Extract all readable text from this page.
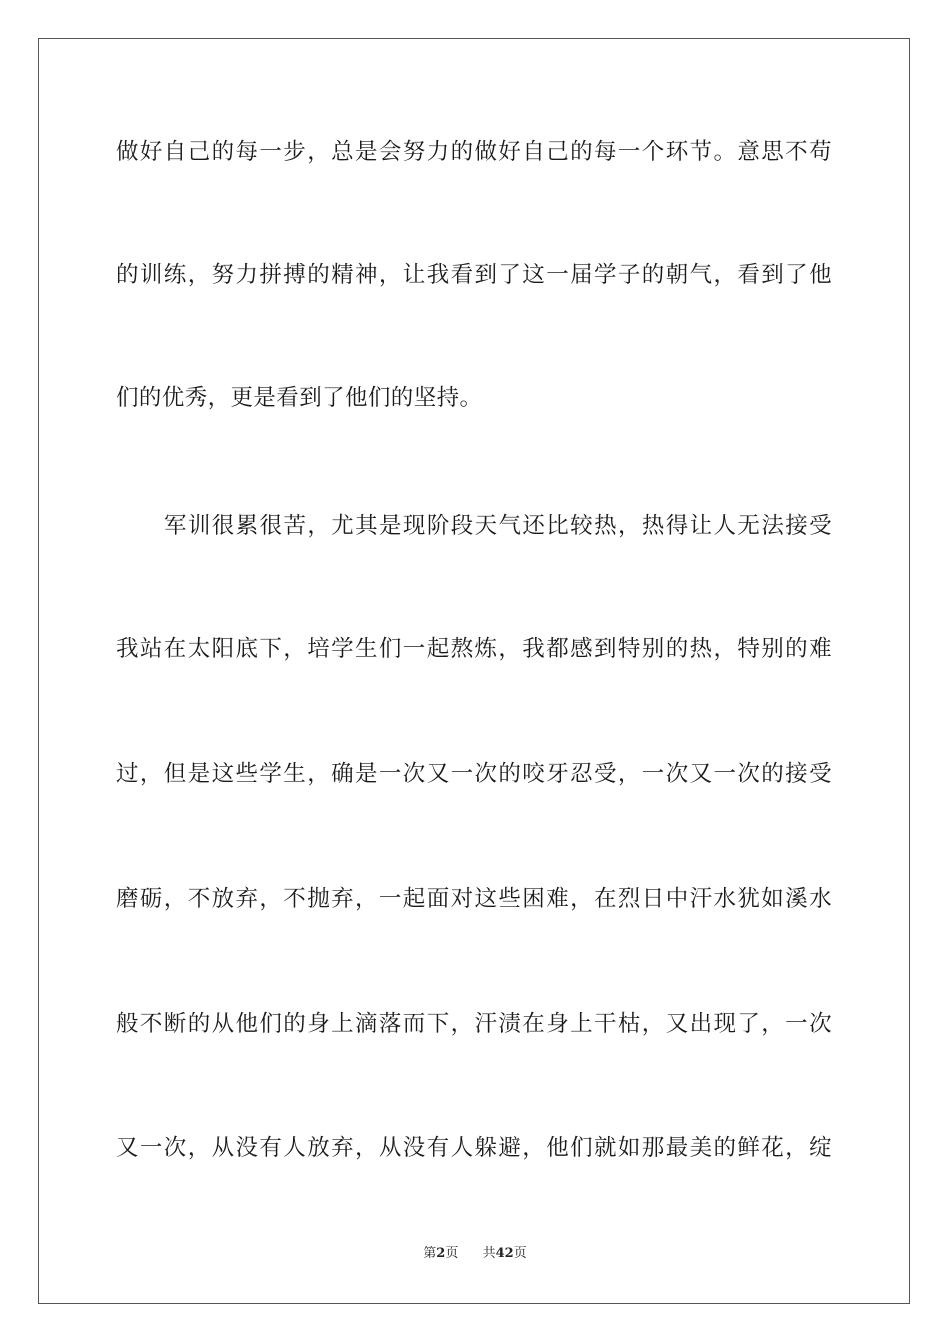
做好自己的每一步，总是会努力的做好自己的每一个环节。意思不苟
的训练，努力拼搏的精神，让我看到了这一届学子的朝气，看到了他
们的优秀，更是看到了他们的坚持。
军训很累很苦，尤其是现阶段天气还比较热，热得让人无法接受
我站在太阳底下，培学生们一起熬炼，我都感到特别的热，特别的难
过，但是这些学生，确是一次又一次的咬牙忍受，一次又一次的接受
磨砺，不放弃，不抛弃，一起面对这些困难，在烈日中汗水犹如溪水
般不断的从他们的身上滴落而下，汗渍在身上干枯，又出现了，一次
又一次，从没有人放弃，从没有人躲避，他们就如那最美的鲜花，绽
第2页 共42页
